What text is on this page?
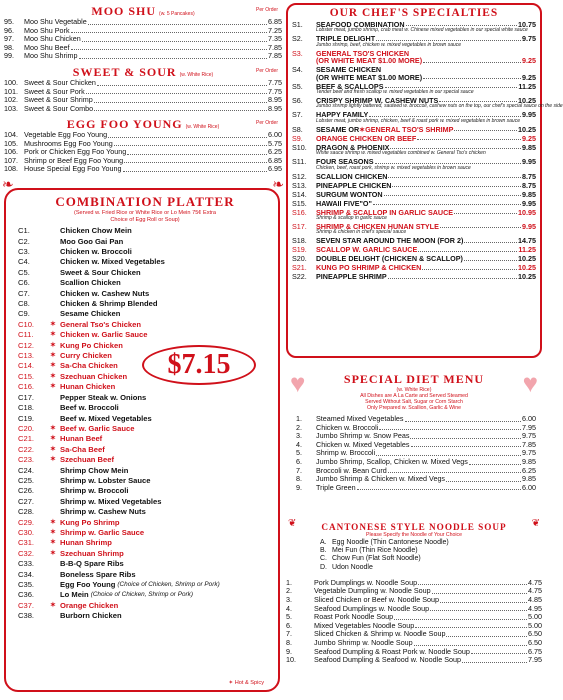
MOO SHU (w. 5 Pancakes)
Per Order
95.	Moo Shu Vegetable	6.85
96.	Moo Shu Pork	7.25
97.	Moo Shu Chicken	7.35
98.	Moo Shu Beef	7.85
99.	Moo Shu Shrimp	7.85
SWEET & SOUR (w. White Rice)
Per Order
100. Sweet & Sour Chicken	7.75
101. Sweet & Sour Pork	7.75
102. Sweet & Sour Shrimp	8.95
103. Sweet & Sour Combo	8.95
EGG FOO YOUNG (w. White Rice)
Per Order
104. Vegetable Egg Foo Young	6.00
105. Mushrooms Egg Foo Young	5.75
106. Pork or Chicken Egg Foo Young	6.25
107. Shrimp or Beef Egg Foo Young	6.85
108. House Special Egg Foo Young	6.95
❧	❧
COMBINATION PLATTER
(Served w. Fried Rice or White Rice or Lo Mein 75¢ Extra
Choice of Egg Roll or Soup)
C1.	Chicken Chow Mein
C2.	Moo Goo Gai Pan
C3.	Chicken w. Broccoli
C4.	Chicken w. Mixed Vegetables
C5.	Sweet & Sour Chicken
C6.	Scallion Chicken
C7.	Chicken w. Cashew Nuts
C8.	Chicken & Shrimp Blended
C9.	Sesame Chicken
C10.	✶ General Tso's Chicken
C11.	✶ Chicken w. Garlic Sauce
C12.	✶ Kung Po Chicken
C13.	✶ Curry Chicken
C14.	✶ Sa-Cha Chicken
C15.	✶ Szechuan Chicken
C16.	✶ Hunan Chicken
C17.	Pepper Steak w. Onions
C18.	Beef w. Broccoli
C19.	Beef w. Mixed Vegetables
C20.	✶ Beef w. Garlic Sauce
C21.	✶ Hunan Beef
C22.	✶ Sa-Cha Beef
C23.	✶ Szechuan Beef
C24.	Shrimp Chow Mein
C25.	Shrimp w. Lobster Sauce
C26.	Shrimp w. Broccoli
C27.	Shrimp w. Mixed Vegetables
C28.	Shrimp w. Cashew Nuts
C29.	✶ Kung Po Shrimp
C30.	✶ Shrimp w. Garlic Sauce
C31.	✶ Hunan Shrimp
C32.	✶ Szechuan Shrimp
C33.	B-B-Q Spare Ribs
C34.	Boneless Spare Ribs
C35.	Egg Foo Young (Choice of Chicken, Shrimp or Pork)
C36.	Lo Mein (Choice of Chicken, Shrimp or Pork)
C37.	✶ Orange Chicken
C38.	Burborn Chicken
✶ Hot & Spicy
$7.15
OUR CHEF'S SPECIALTIES
S1.	SEAFOOD COMBINATION	10.75
Lobster meat, jumbo shrimp, crab meat w. Chinese mixed vegetables in our special white sauce
S2.	TRIPLE DELIGHT	9.75
Jumbo shrimp, beef, chicken w. mixed vegetables in brown sauce
S3.	GENERAL TSO'S CHICKEN
(OR WHITE MEAT $1.00 MORE)	9.25
S4.	SESAME CHICKEN
(OR WHITE MEAT $1.00 MORE)	9.25
S5.	BEEF & SCALLOPS	11.25
Tender beef and fresh scallop w. mixed vegetables in our special sauce
S6.	CRISPY SHRIMP W. CASHEW NUTS	10.25
Jumbo shrimp lightly battered, sauteed w. broccoli, cashew nuts on the top, our chef's special sauce on the side
S7.	HAPPY FAMILY	9.95
Lobster meat, jumbo shrimp, chicken, beef & roast pork w. mixed vegetables in brown sauce
S8.	SESAME OR ✶ GENERAL TSO'S SHRIMP	10.25
S9.	ORANGE CHICKEN OR BEEF	9.25
S10.	DRAGON & PHOENIX	9.85
White sauce shrimp w. mixed vegetables combined w. General Tso's chicken
S11.	FOUR SEASONS	9.95
Chicken, beef, roast pork, shrimp w. mixed vegetables in brown sauce
S12.	SCALLION CHICKEN	8.75
S13.	PINEAPPLE CHICKEN	8.75
S14.	SURGUM WONTON	9.85
S15.	HAWAII FIVE"O"	9.95
S16.	SHRIMP & SCALLOP IN GARLIC SAUCE	10.95
Shrimp & scallop in garlic sauce
S17.	SHRIMP & CHICKEN HUNAN STYLE	9.95
Shrimp & chicken in chef's special sauce
S18.	SEVEN STAR AROUND THE MOON (FOR 2)	14.75
S19.	SCALLOP W. GARLIC SAUCE	11.25
S20.	DOUBLE DELIGHT (CHICKEN & SCALLOP)	10.25
S21.	KUNG PO SHRIMP & CHICKEN	10.25
S22.	PINEAPPLE SHRIMP	10.25
♥	♥
SPECIAL DIET MENU
(w. White Rice)
All Dishes are A La Carte and Served Steamed
Served Without Salt, Sugar or Corn Starch
Only Prepared w. Scallion, Garlic & Wine
1.	Steamed Mixed Vegetables	6.00
2.	Chicken w. Broccoli	7.95
3.	Jumbo Shrimp w. Snow Peas	9.75
4.	Chicken w. Mixed Vegetables	7.85
5.	Shrimp w. Broccoli	9.75
6.	Jumbo Shrimp, Scallop, Chicken w. Mixed Vegs	9.85
7.	Broccoli w. Bean Curd	6.25
8.	Jumbo Shrimp & Chicken w. Mixed Vegs	9.85
9.	Triple Green	6.00
❦	❦
CANTONESE STYLE NOODLE SOUP
Please Specify the Noodle of Your Choice
A. Egg Noodle (Thin Cantonese Noodle)
B. Mei Fun (Thin Rice Noodle)
C. Chow Fun (Flat Soft Noodle)
D. Udon Noodle
1.	Pork Dumplings w. Noodle Soup	4.75
2.	Vegetable Dumpling w. Noodle Soup	4.75
3.	Sliced Chicken or Beef w. Noodle Soup	4.85
4.	Seafood Dumplings w. Noodle Soup	4.95
5.	Roast Pork Noodle Soup	5.00
6.	Mixed Vegetables Noodle Soup	5.00
7.	Sliced Chicken & Shrimp w. Noodle Soup	6.50
8.	Jumbo Shrimp w. Noodle Soup	6.50
9.	Seafood Dumpling & Roast Pork w. Noodle Soup	6.75
10.	Seafood Dumpling & Seafood w. Noodle Soup	7.95
